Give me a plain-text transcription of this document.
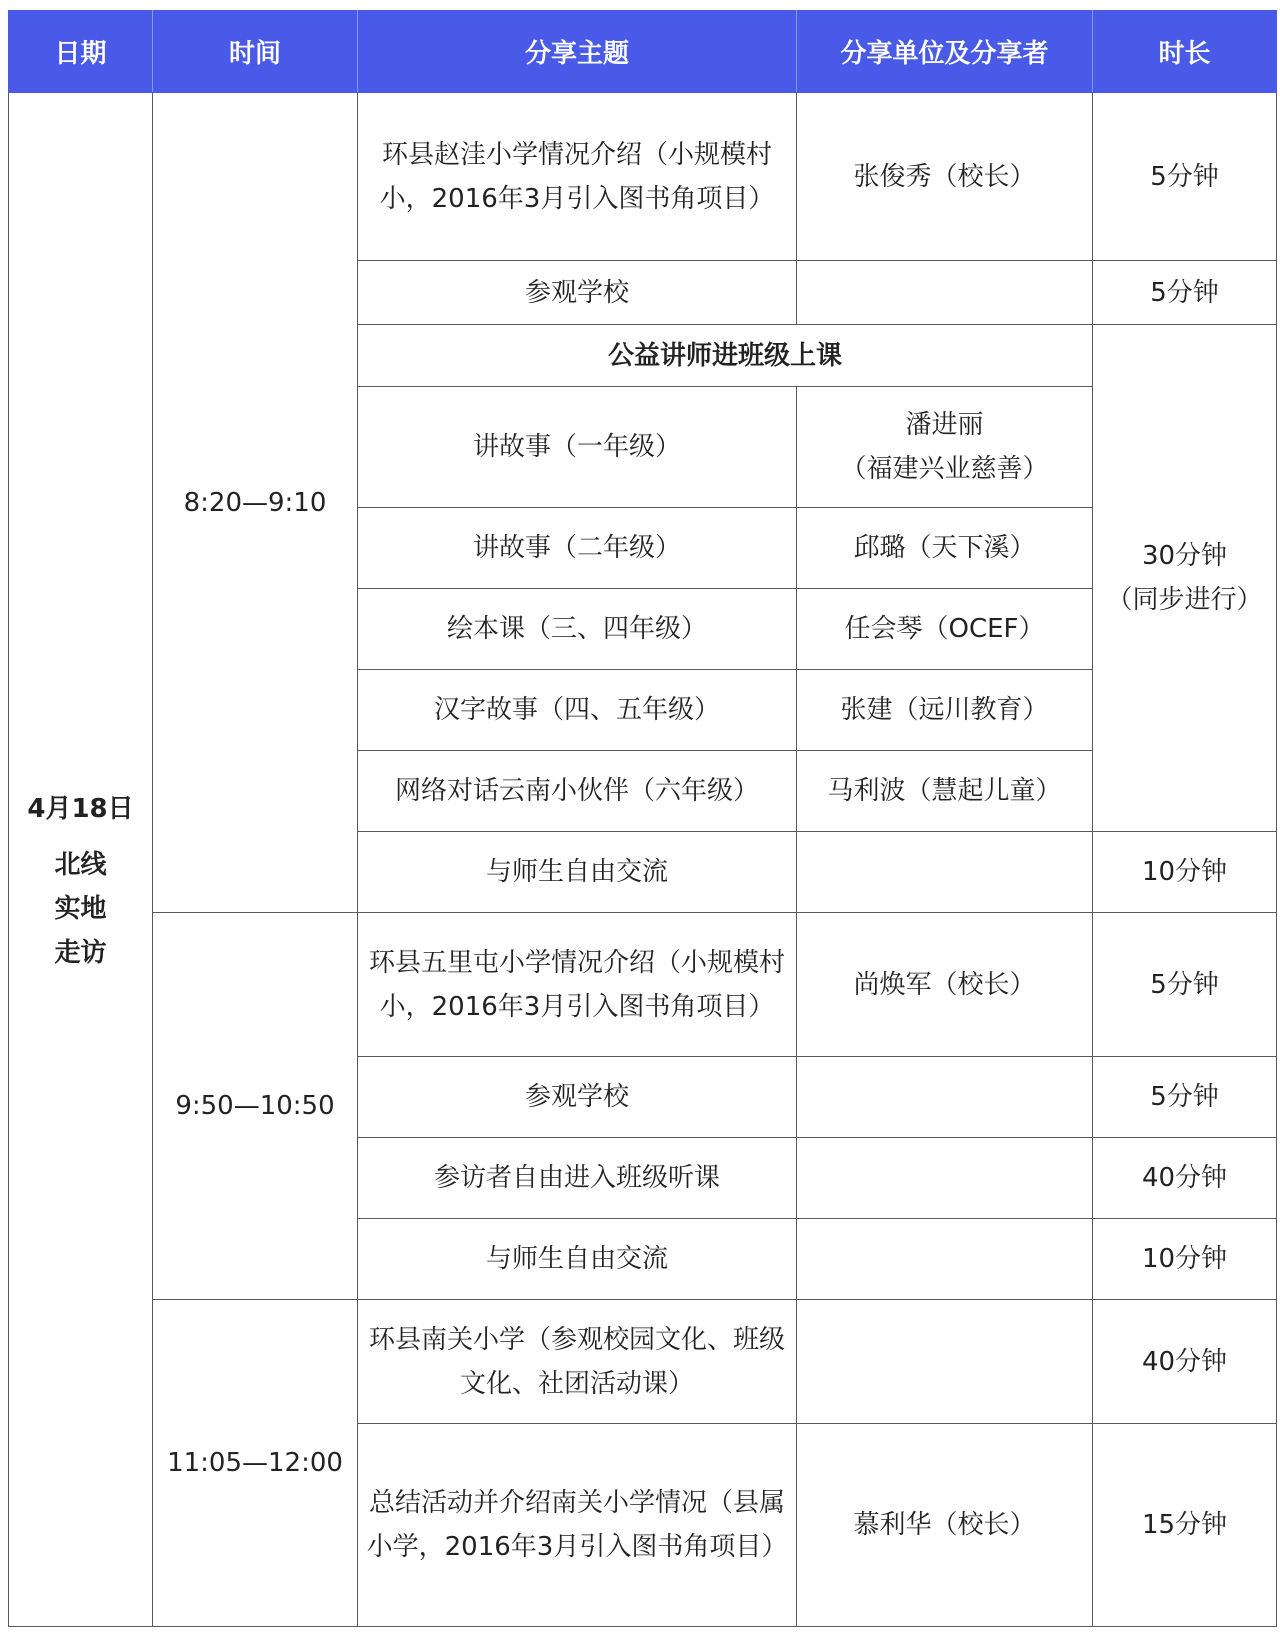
日期	时间	分享主题	分享单位及分享者	时长

4月18日
北线
实地
走访	8:20—9:10	环县赵洼小学情况介绍（小规模村小，2016年3月引入图书角项目）	张俊秀（校长）	5分钟
		参观学校		5分钟
		公益讲师进班级上课		30分钟
（同步进行）

		讲故事（一年级）	潘进丽
（福建兴业慈善）	

		讲故事（二年级）	邱璐（天下溪）	
		绘本课（三、四年级）	任会琴（OCEF）	
		汉字故事（四、五年级）	张建（远川教育）	
		网络对话云南小伙伴（六年级）	马利波（慧起儿童）	
		与师生自由交流		10分钟
	9:50—10:50	环县五里屯小学情况介绍（小规模村小，2016年3月引入图书角项目）	尚焕军（校长）	5分钟
		参观学校		5分钟
		参访者自由进入班级听课		40分钟
		与师生自由交流		10分钟
	11:05—12:00	环县南关小学（参观校园文化、班级文化、社团活动课）		40分钟
		总结活动并介绍南关小学情况（县属小学，2016年3月引入图书角项目）	慕利华（校长）	15分钟
